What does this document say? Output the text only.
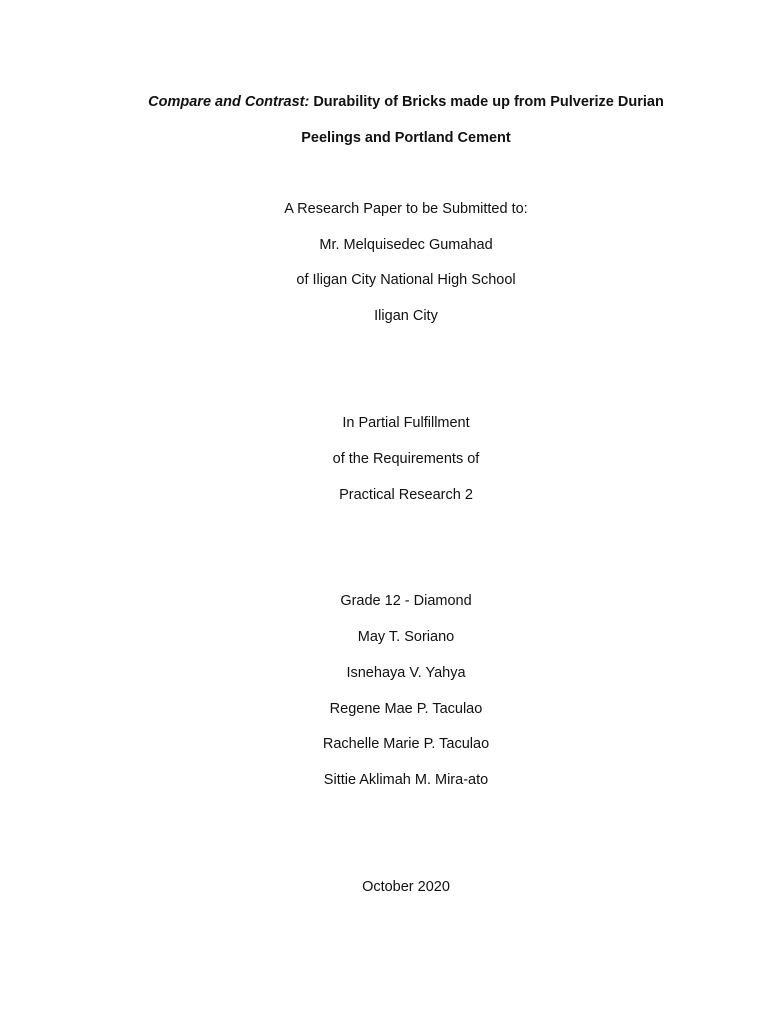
Compare and Contrast: Durability of Bricks made up from Pulverize Durian
Peelings and Portland Cement
A Research Paper to be Submitted to:
Mr. Melquisedec Gumahad
of Iligan City National High School
Iligan City
In Partial Fulfillment
of the Requirements of
Practical Research 2
Grade 12 - Diamond
May T. Soriano
Isnehaya V. Yahya
Regene Mae P. Taculao
Rachelle Marie P. Taculao
Sittie Aklimah M. Mira-ato
October 2020
